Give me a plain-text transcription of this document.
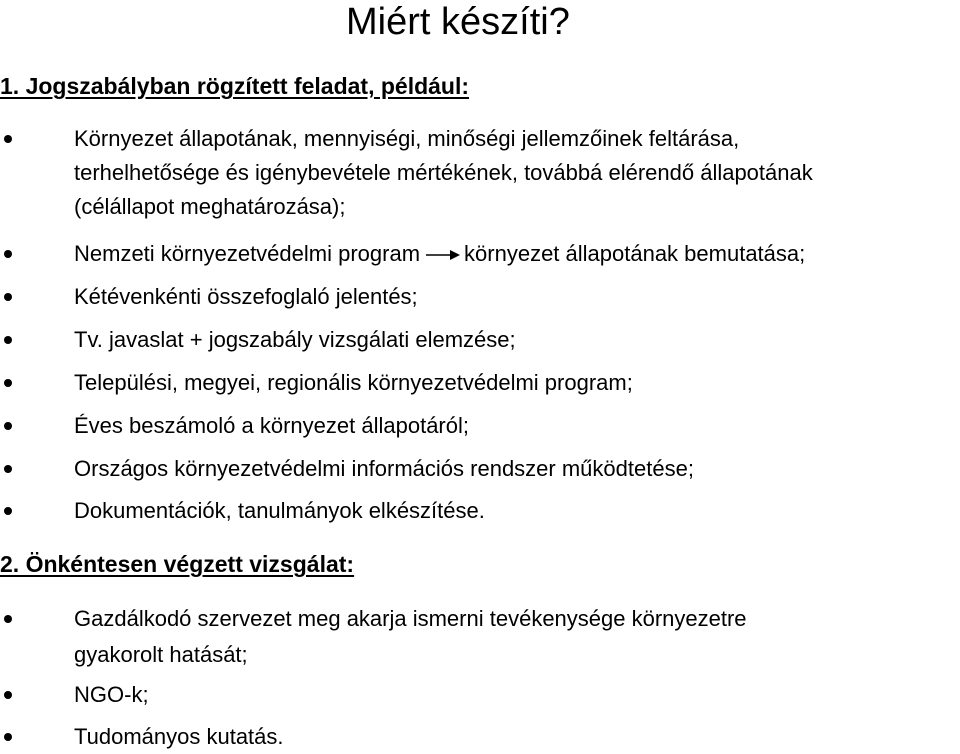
Miért készíti?
1. Jogszabályban rögzített feladat, például:
Környezet állapotának, mennyiségi, minőségi jellemzőinek feltárása,
terhelhetősége és igénybevétele mértékének, továbbá elérendő állapotának
(célállapot meghatározása);
Nemzeti környezetvédelmi program környezet állapotának bemutatása;
Kétévenkénti összefoglaló jelentés;
Tv. javaslat + jogszabály vizsgálati elemzése;
Települési, megyei, regionális környezetvédelmi program;
Éves beszámoló a környezet állapotáról;
Országos környezetvédelmi információs rendszer működtetése;
Dokumentációk, tanulmányok elkészítése.
2. Önkéntesen végzett vizsgálat:
Gazdálkodó szervezet meg akarja ismerni tevékenysége környezetre
gyakorolt hatását;
NGO-k;
Tudományos kutatás.
